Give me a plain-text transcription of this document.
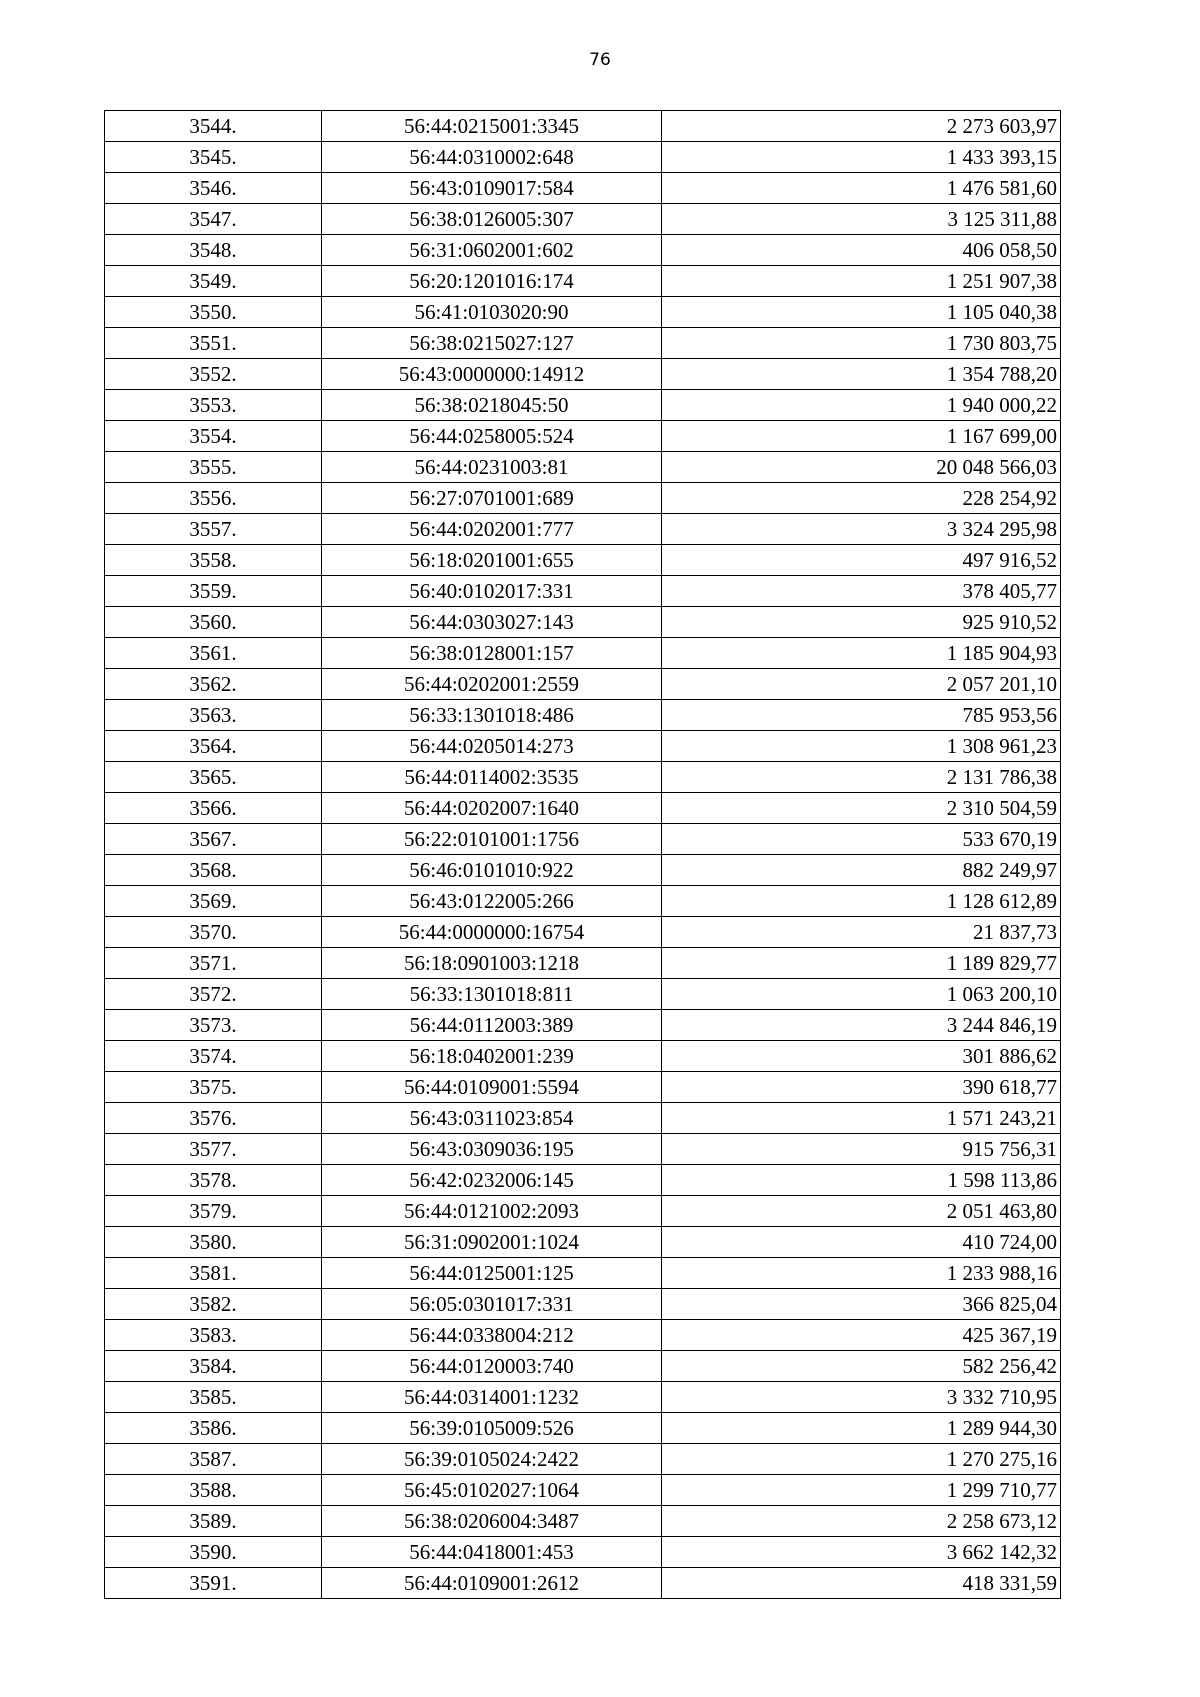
76
3544.	56:44:0215001:3345	2 273 603,97
3545.	56:44:0310002:648	1 433 393,15
3546.	56:43:0109017:584	1 476 581,60
3547.	56:38:0126005:307	3 125 311,88
3548.	56:31:0602001:602	406 058,50
3549.	56:20:1201016:174	1 251 907,38
3550.	56:41:0103020:90	1 105 040,38
3551.	56:38:0215027:127	1 730 803,75
3552.	56:43:0000000:14912	1 354 788,20
3553.	56:38:0218045:50	1 940 000,22
3554.	56:44:0258005:524	1 167 699,00
3555.	56:44:0231003:81	20 048 566,03
3556.	56:27:0701001:689	228 254,92
3557.	56:44:0202001:777	3 324 295,98
3558.	56:18:0201001:655	497 916,52
3559.	56:40:0102017:331	378 405,77
3560.	56:44:0303027:143	925 910,52
3561.	56:38:0128001:157	1 185 904,93
3562.	56:44:0202001:2559	2 057 201,10
3563.	56:33:1301018:486	785 953,56
3564.	56:44:0205014:273	1 308 961,23
3565.	56:44:0114002:3535	2 131 786,38
3566.	56:44:0202007:1640	2 310 504,59
3567.	56:22:0101001:1756	533 670,19
3568.	56:46:0101010:922	882 249,97
3569.	56:43:0122005:266	1 128 612,89
3570.	56:44:0000000:16754	21 837,73
3571.	56:18:0901003:1218	1 189 829,77
3572.	56:33:1301018:811	1 063 200,10
3573.	56:44:0112003:389	3 244 846,19
3574.	56:18:0402001:239	301 886,62
3575.	56:44:0109001:5594	390 618,77
3576.	56:43:0311023:854	1 571 243,21
3577.	56:43:0309036:195	915 756,31
3578.	56:42:0232006:145	1 598 113,86
3579.	56:44:0121002:2093	2 051 463,80
3580.	56:31:0902001:1024	410 724,00
3581.	56:44:0125001:125	1 233 988,16
3582.	56:05:0301017:331	366 825,04
3583.	56:44:0338004:212	425 367,19
3584.	56:44:0120003:740	582 256,42
3585.	56:44:0314001:1232	3 332 710,95
3586.	56:39:0105009:526	1 289 944,30
3587.	56:39:0105024:2422	1 270 275,16
3588.	56:45:0102027:1064	1 299 710,77
3589.	56:38:0206004:3487	2 258 673,12
3590.	56:44:0418001:453	3 662 142,32
3591.	56:44:0109001:2612	418 331,59
